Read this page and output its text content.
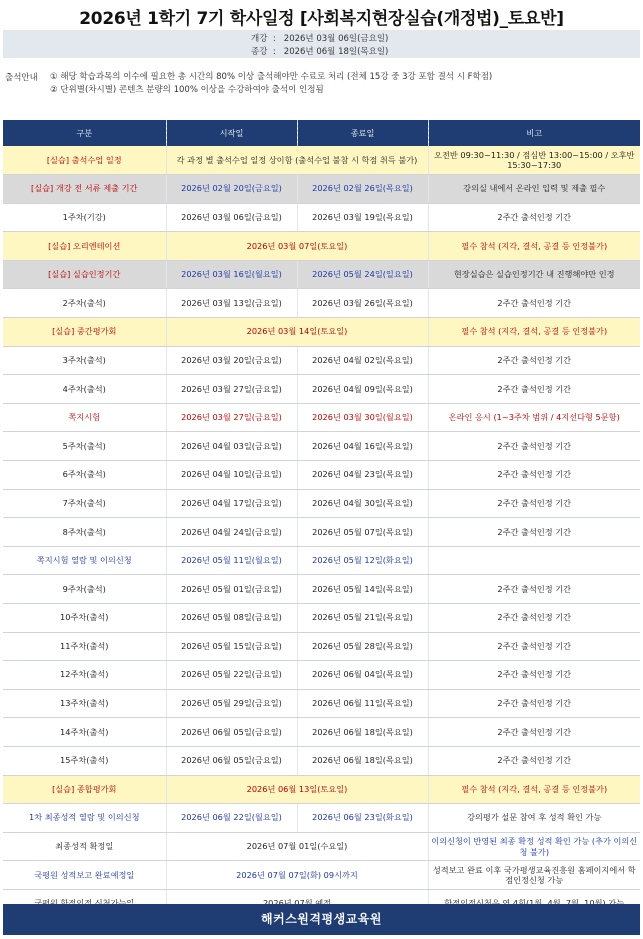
2026년 1학기 7기 학사일정 [사회복지현장실습(개정법)_토요반]
개강  :   2026년 03월 06일(금요일)
종강  :   2026년 06월 18일(목요일)
출석안내 ① 해당 학습과목의 이수에 필요한 총 시간의 80% 이상 출석해야만 수료로 처리 (전체 15강 중 3강 포함 결석 시 F학점)
② 단위별(차시별) 콘텐츠 분량의 100% 이상을 수강하여야 출석이 인정됨
구분	시작일	종료일	비고
[실습] 출석수업 일정	각 과정 별 출석수업 일정 상이함 (출석수업 불참 시 학점 취득 불가)		오전반 09:30~11:30 / 점심반 13:00~15:00 / 오후반 15:30~17:30
[실습] 개강 전 서류 제출 기간	2026년 02월 20일(금요일)	2026년 02월 26일(목요일)	강의실 내에서 온라인 입력 및 제출 필수
1주차(기강)	2026년 03월 06일(금요일)	2026년 03월 19일(목요일)	2주간 출석인정 기간
[실습] 오리엔테이션	2026년 03월 07일(토요일)		필수 참석 (지각, 결석, 공결 등 인정불가)
[실습] 실습인정기간	2026년 03월 16일(월요일)	2026년 05월 24일(일요일)	현장실습은 실습인정기간 내 진행해야만 인정
2주차(출석)	2026년 03월 13일(금요일)	2026년 03월 26일(목요일)	2주간 출석인정 기간
[실습] 중간평가회	2026년 03월 14일(토요일)		필수 참석 (지각, 결석, 공결 등 인정불가)
3주차(출석)	2026년 03월 20일(금요일)	2026년 04월 02일(목요일)	2주간 출석인정 기간
4주차(출석)	2026년 03월 27일(금요일)	2026년 04월 09일(목요일)	2주간 출석인정 기간
쪽지시험	2026년 03월 27일(금요일)	2026년 03월 30일(월요일)	온라인 응시 (1~3주차 범위 / 4지선다형 5문항)
5주차(출석)	2026년 04월 03일(금요일)	2026년 04월 16일(목요일)	2주간 출석인정 기간
6주차(출석)	2026년 04월 10일(금요일)	2026년 04월 23일(목요일)	2주간 출석인정 기간
7주차(출석)	2026년 04월 17일(금요일)	2026년 04월 30일(목요일)	2주간 출석인정 기간
8주차(출석)	2026년 04월 24일(금요일)	2026년 05월 07일(목요일)	2주간 출석인정 기간
쪽지시험 열람 및 이의신청	2026년 05월 11일(월요일)	2026년 05월 12일(화요일)	
9주차(출석)	2026년 05월 01일(금요일)	2026년 05월 14일(목요일)	2주간 출석인정 기간
10주차(출석)	2026년 05월 08일(금요일)	2026년 05월 21일(목요일)	2주간 출석인정 기간
11주차(출석)	2026년 05월 15일(금요일)	2026년 05월 28일(목요일)	2주간 출석인정 기간
12주차(출석)	2026년 05월 22일(금요일)	2026년 06월 04일(목요일)	2주간 출석인정 기간
13주차(출석)	2026년 05월 29일(금요일)	2026년 06월 11일(목요일)	2주간 출석인정 기간
14주차(출석)	2026년 06월 05일(금요일)	2026년 06월 18일(목요일)	2주간 출석인정 기간
15주차(출석)	2026년 06월 05일(금요일)	2026년 06월 18일(목요일)	2주간 출석인정 기간
[실습] 종합평가회	2026년 06월 13일(토요일)		필수 참석 (지각, 결석, 공결 등 인정불가)
1차 최종성적 열람 및 이의신청	2026년 06월 22일(월요일)	2026년 06월 23일(화요일)	강의평가 설문 참여 후 성적 확인 가능
최종성적 확정일	2026년 07월 01일(수요일)		이의신청이 반영된 최종 확정 성적 확인 가능 (추가 이의신청 불가)
국평원 성적보고 완료예정일	2026년 07월 07일(화) 09시까지		성적보고 완료 이후 국가평생교육진흥원 홈페이지에서 학점인정신청 가능

해커스원격평생교육원
